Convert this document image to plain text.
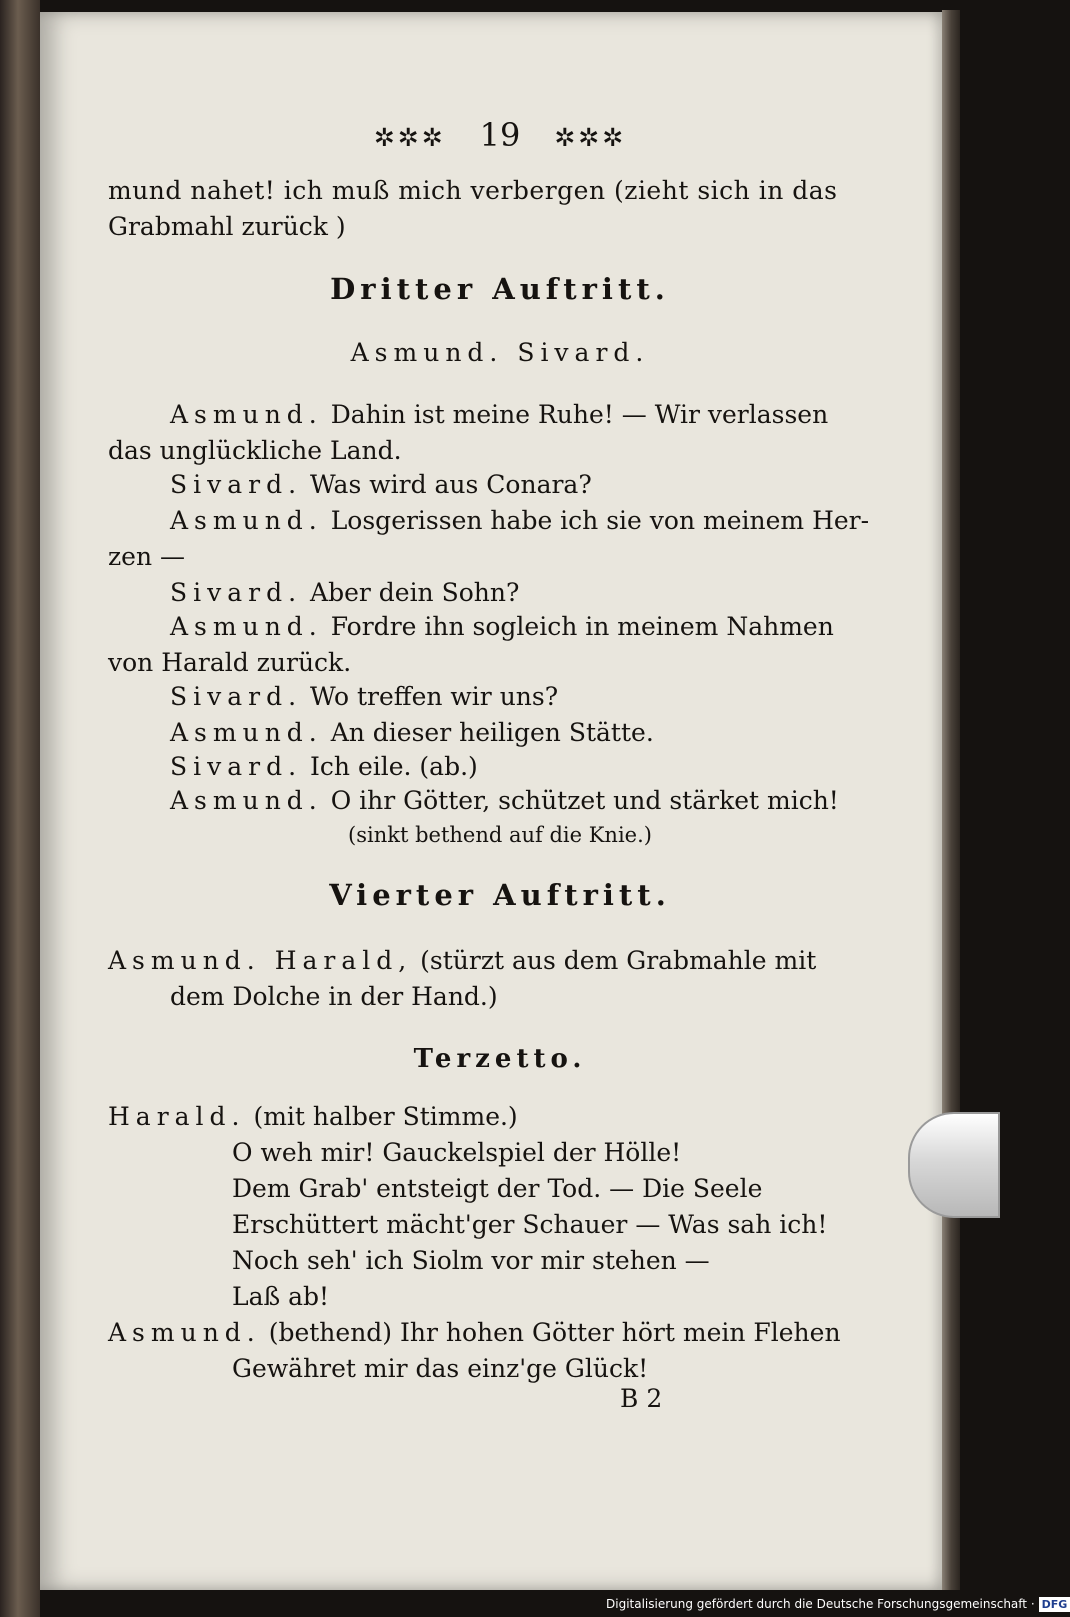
✲✲✲ 19 ✲✲✲
mund nahet! ich muß mich verbergen (zieht sich in das
Grabmahl zurück )
Dritter Auftritt.
Asmund. Sivard.
Asmund. Dahin ist meine Ruhe! — Wir verlassen
das unglückliche Land.
Sivard. Was wird aus Conara?
Asmund. Losgerissen habe ich sie von meinem Her-
zen —
Sivard. Aber dein Sohn?
Asmund. Fordre ihn sogleich in meinem Nahmen
von Harald zurück.
Sivard. Wo treffen wir uns?
Asmund. An dieser heiligen Stätte.
Sivard. Ich eile. (ab.)
Asmund. O ihr Götter, schützet und stärket mich!
(sinkt bethend auf die Knie.)
Vierter Auftritt.
Asmund. Harald, (stürzt aus dem Grabmahle mit
dem Dolche in der Hand.)
Terzetto.
Harald. (mit halber Stimme.)
O weh mir! Gauckelspiel der Hölle!
Dem Grab' entsteigt der Tod. — Die Seele
Erschüttert mächt'ger Schauer — Was sah ich!
Noch seh' ich Siolm vor mir stehen —
Laß ab!
Asmund. (bethend) Ihr hohen Götter hört mein Flehen
Gewähret mir das einz'ge Glück!
B 2
Digitalisierung gefördert durch die Deutsche Forschungsgemeinschaft · DFG
